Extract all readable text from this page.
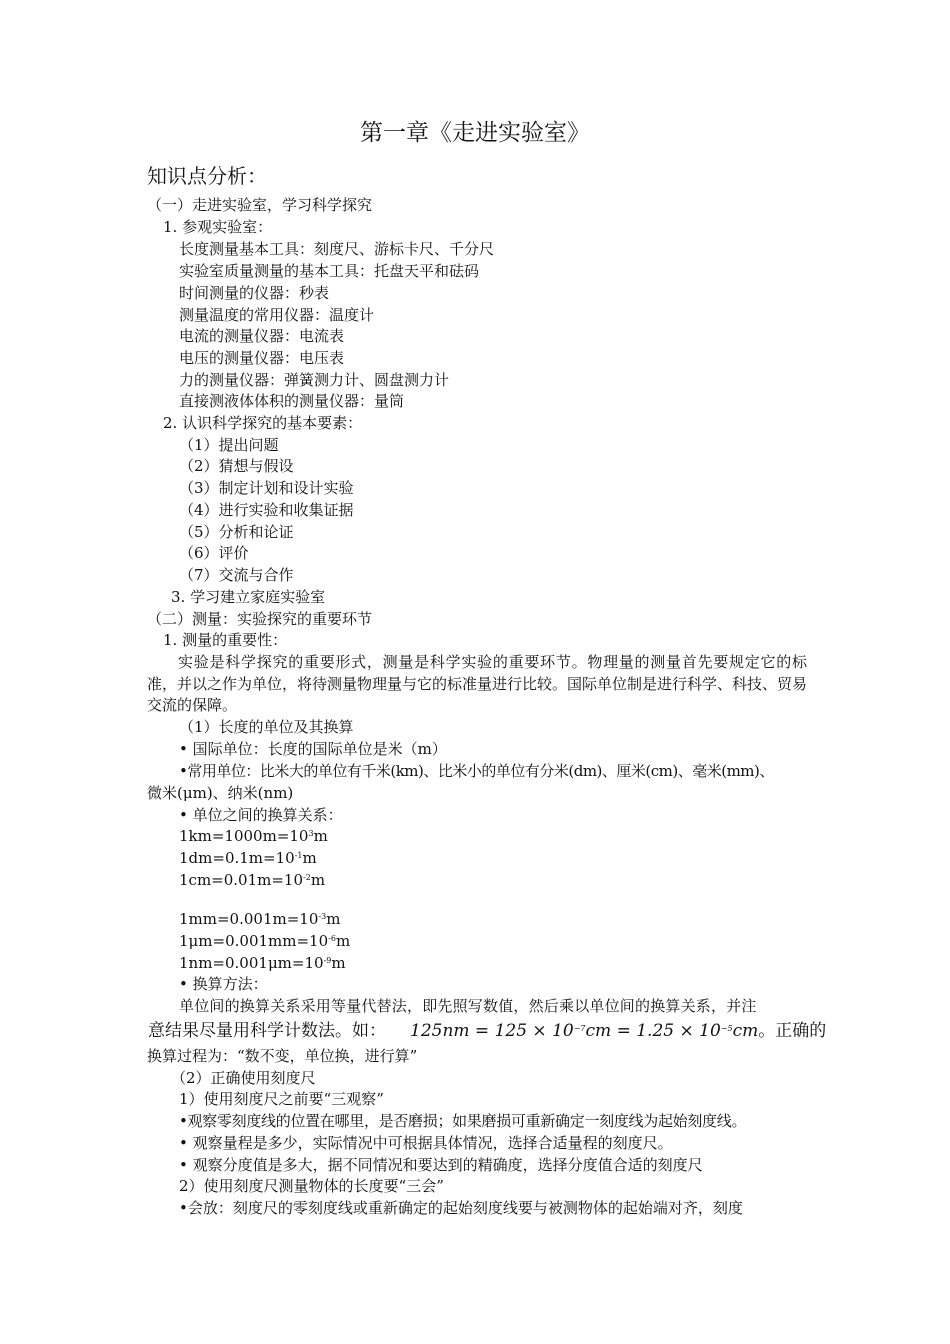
第一章《走进实验室》
知识点分析：
（一）走进实验室，学习科学探究
1. 参观实验室：
长度测量基本工具：刻度尺、游标卡尺、千分尺
实验室质量测量的基本工具：托盘天平和砝码
时间测量的仪器：秒表
测量温度的常用仪器：温度计
电流的测量仪器：电流表
电压的测量仪器：电压表
力的测量仪器：弹簧测力计、圆盘测力计
直接测液体体积的测量仪器：量筒
2. 认识科学探究的基本要素：
（1）提出问题
（2）猜想与假设
（3）制定计划和设计实验
（4）进行实验和收集证据
（5）分析和论证
（6）评价
（7）交流与合作
3. 学习建立家庭实验室
（二）测量：实验探究的重要环节
1. 测量的重要性：
实验是科学探究的重要形式，测量是科学实验的重要环节。物理量的测量首先要规定它的标准，并以之作为单位，将待测量物理量与它的标准量进行比较。国际单位制是进行科学、科技、贸易交流的保障。
（1）长度的单位及其换算
• 国际单位：长度的国际单位是米（m）
•常用单位：比米大的单位有千米(km)、比米小的单位有分米(dm)、厘米(cm)、毫米(mm)、
微米(μm)、纳米(nm)
• 单位之间的换算关系：
$1km=1000m=10^3m$
$1dm=0.1m=10^{-1}m$
$1cm=0.01m=10^{-2}m$
$1mm=0.001m=10^{-3}m$
$1\mu m=0.001mm=10^{-6}m$
$1nm=0.001\mu m=10^{-9}m$
• 换算方法：
单位间的换算关系采用等量代替法，即先照写数值，然后乘以单位间的换算关系，并注
意结果尽量用科学计数法。如： $125nm = 125 \times 10^{-7}cm = 1.25 \times 10^{-5}cm$。正确的
换算过程为：“数不变，单位换，进行算”
（2）正确使用刻度尺
1）使用刻度尺之前要“三观察”
•观察零刻度线的位置在哪里，是否磨损；如果磨损可重新确定一刻度线为起始刻度线。
• 观察量程是多少，实际情况中可根据具体情况，选择合适量程的刻度尺。
• 观察分度值是多大，据不同情况和要达到的精确度，选择分度值合适的刻度尺
2）使用刻度尺测量物体的长度要“三会”
•会放：刻度尺的零刻度线或重新确定的起始刻度线要与被测物体的起始端对齐，刻度
